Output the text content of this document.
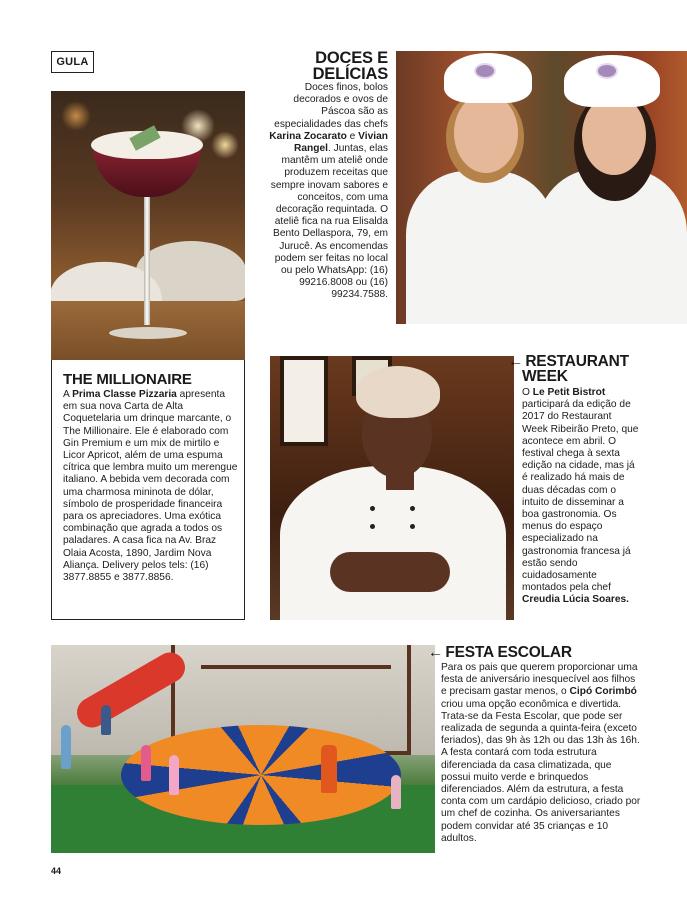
GULA	DOCES E
DELÍCIAS
Doces finos, bolos decorados e ovos de Páscoa são as especialidades das chefs Karina Zocarato e Vivian Rangel. Juntas, elas mantêm um ateliê onde produzem receitas que sempre inovam sabores e conceitos, com uma decoração requintada. O ateliê fica na rua Elisalda Bento Dellaspora, 79, em Jurucê. As encomendas podem ser feitas no local ou pelo WhatsApp: (16) 99216.8008 ou (16) 99234.7588.
THE MILLIONAIRE
A Prima Classe Pizzaria apresenta em sua nova Carta de Alta Coquetelaria um drinque marcante, o The Millionaire. Ele é elaborado com Gin Premium e um mix de mirtilo e Licor Apricot, além de uma espuma cítrica que lembra muito um merengue italiano. A bebida vem decorada com uma charmosa mininota de dólar, símbolo de prosperidade financeira para os apreciadores. Uma exótica combinação que agrada a todos os paladares. A casa fica na Av. Braz Olaia Acosta, 1890, Jardim Nova Aliança. Delivery pelos tels: (16) 3877.8855 e 3877.8856.
← RESTAURANT
WEEK
O Le Petit Bistrot participará da edição de 2017 do Restaurant Week Ribeirão Preto, que acontece em abril. O festival chega à sexta edição na cidade, mas já é realizado há mais de duas décadas com o intuito de disseminar a boa gastronomia. Os menus do espaço especializado na gastronomia francesa já estão sendo cuidadosamente montados pela chef Creudia Lúcia Soares.
← FESTA ESCOLAR
Para os pais que querem proporcionar uma festa de aniversário inesquecível aos filhos e precisam gastar menos, o Cipó Corimbó criou uma opção econômica e divertida. Trata-se da Festa Escolar, que pode ser realizada de segunda a quinta-feira (exceto feriados), das 9h às 12h ou das 13h às 16h. A festa contará com toda estrutura diferenciada da casa climatizada, que possui muito verde e brinquedos diferenciados. Além da estrutura, a festa conta com um cardápio delicioso, criado por um chef de cozinha. Os aniversariantes podem convidar até 35 crianças e 10 adultos.
44
